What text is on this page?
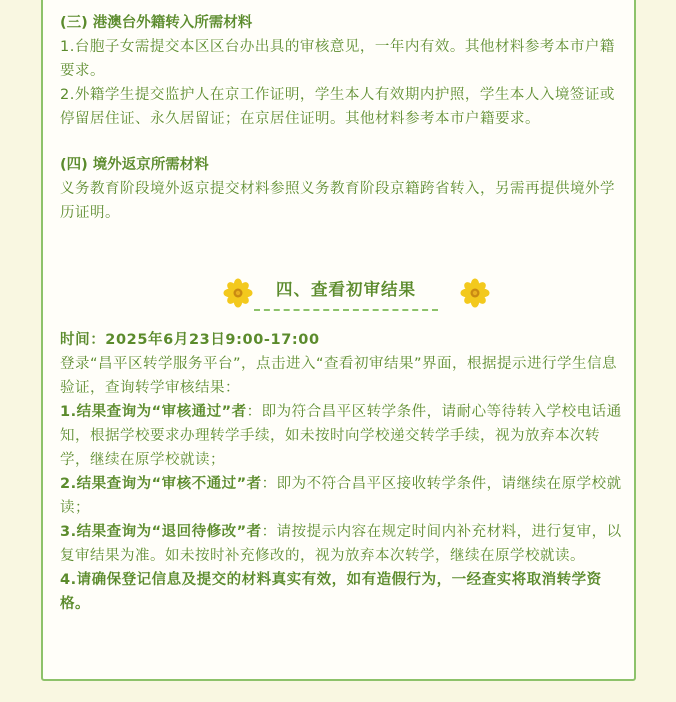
(三) 港澳台外籍转入所需材料

1.台胞子女需提交本区区台办出具的审核意见，一年内有效。其他材料参考本市户籍要求。

2.外籍学生提交监护人在京工作证明，学生本人有效期内护照，学生本人入境签证或停留居住证、永久居留证；在京居住证明。其他材料参考本市户籍要求。

(四) 境外返京所需材料

义务教育阶段境外返京提交材料参照义务教育阶段京籍跨省转入，另需再提供境外学历证明。

四、查看初审结果
时间：2025年6月23日9:00-17:00

登录“昌平区转学服务平台”，点击进入“查看初审结果”界面，根据提示进行学生信息验证，查询转学审核结果：

1.结果查询为“审核通过”者：即为符合昌平区转学条件，请耐心等待转入学校电话通知，根据学校要求办理转学手续，如未按时向学校递交转学手续，视为放弃本次转学，继续在原学校就读；

2.结果查询为“审核不通过”者：即为不符合昌平区接收转学条件，请继续在原学校就读；

3.结果查询为“退回待修改”者：请按提示内容在规定时间内补充材料，进行复审，以复审结果为准。如未按时补充修改的，视为放弃本次转学，继续在原学校就读。

4.请确保登记信息及提交的材料真实有效，如有造假行为，一经查实将取消转学资格。
